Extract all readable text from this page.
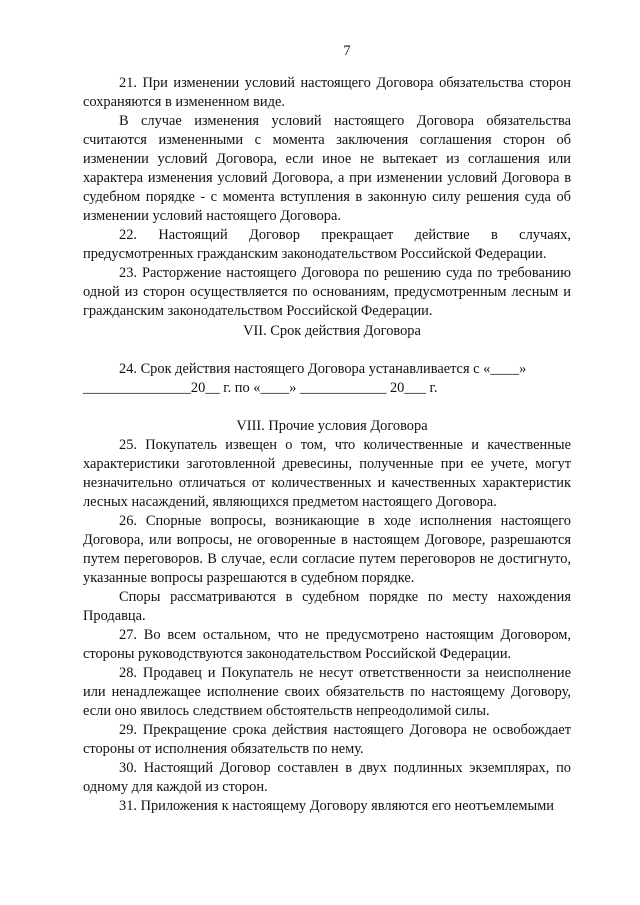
7

21. При изменении условий настоящего Договора обязательства сторон сохраняются в измененном виде.

В случае изменения условий настоящего Договора обязательства считаются измененными с момента заключения соглашения сторон об изменении условий Договора, если иное не вытекает из соглашения или характера изменения условий Договора, а при изменении условий Договора в судебном порядке - с момента вступления в законную силу решения суда об изменении условий настоящего Договора.

22. Настоящий Договор прекращает действие в случаях, предусмотренных гражданским законодательством Российской Федерации.

23. Расторжение настоящего Договора по решению суда по требованию одной из сторон осуществляется по основаниям, предусмотренным лесным и гражданским законодательством Российской Федерации.

VII. Срок действия Договора

24. Срок действия настоящего Договора устанавливается с «____»
_______________20__ г. по «____» ____________ 20___ г.

VIII. Прочие условия Договора

25. Покупатель извещен о том, что количественные и качественные характеристики заготовленной древесины, полученные при ее учете, могут незначительно отличаться от количественных и качественных характеристик лесных насаждений, являющихся предметом настоящего Договора.

26. Спорные вопросы, возникающие в ходе исполнения настоящего Договора, или вопросы, не оговоренные в настоящем Договоре, разрешаются путем переговоров. В случае, если согласие путем переговоров не достигнуто, указанные вопросы разрешаются в судебном порядке.

Споры рассматриваются в судебном порядке по месту нахождения Продавца.

27. Во всем остальном, что не предусмотрено настоящим Договором, стороны руководствуются законодательством Российской Федерации.

28. Продавец и Покупатель не несут ответственности за неисполнение или ненадлежащее исполнение своих обязательств по настоящему Договору, если оно явилось следствием обстоятельств непреодолимой силы.

29. Прекращение срока действия настоящего Договора не освобождает стороны от исполнения обязательств по нему.

30. Настоящий Договор составлен в двух подлинных экземплярах, по одному для каждой из сторон.

31. Приложения к настоящему Договору являются его неотъемлемыми
